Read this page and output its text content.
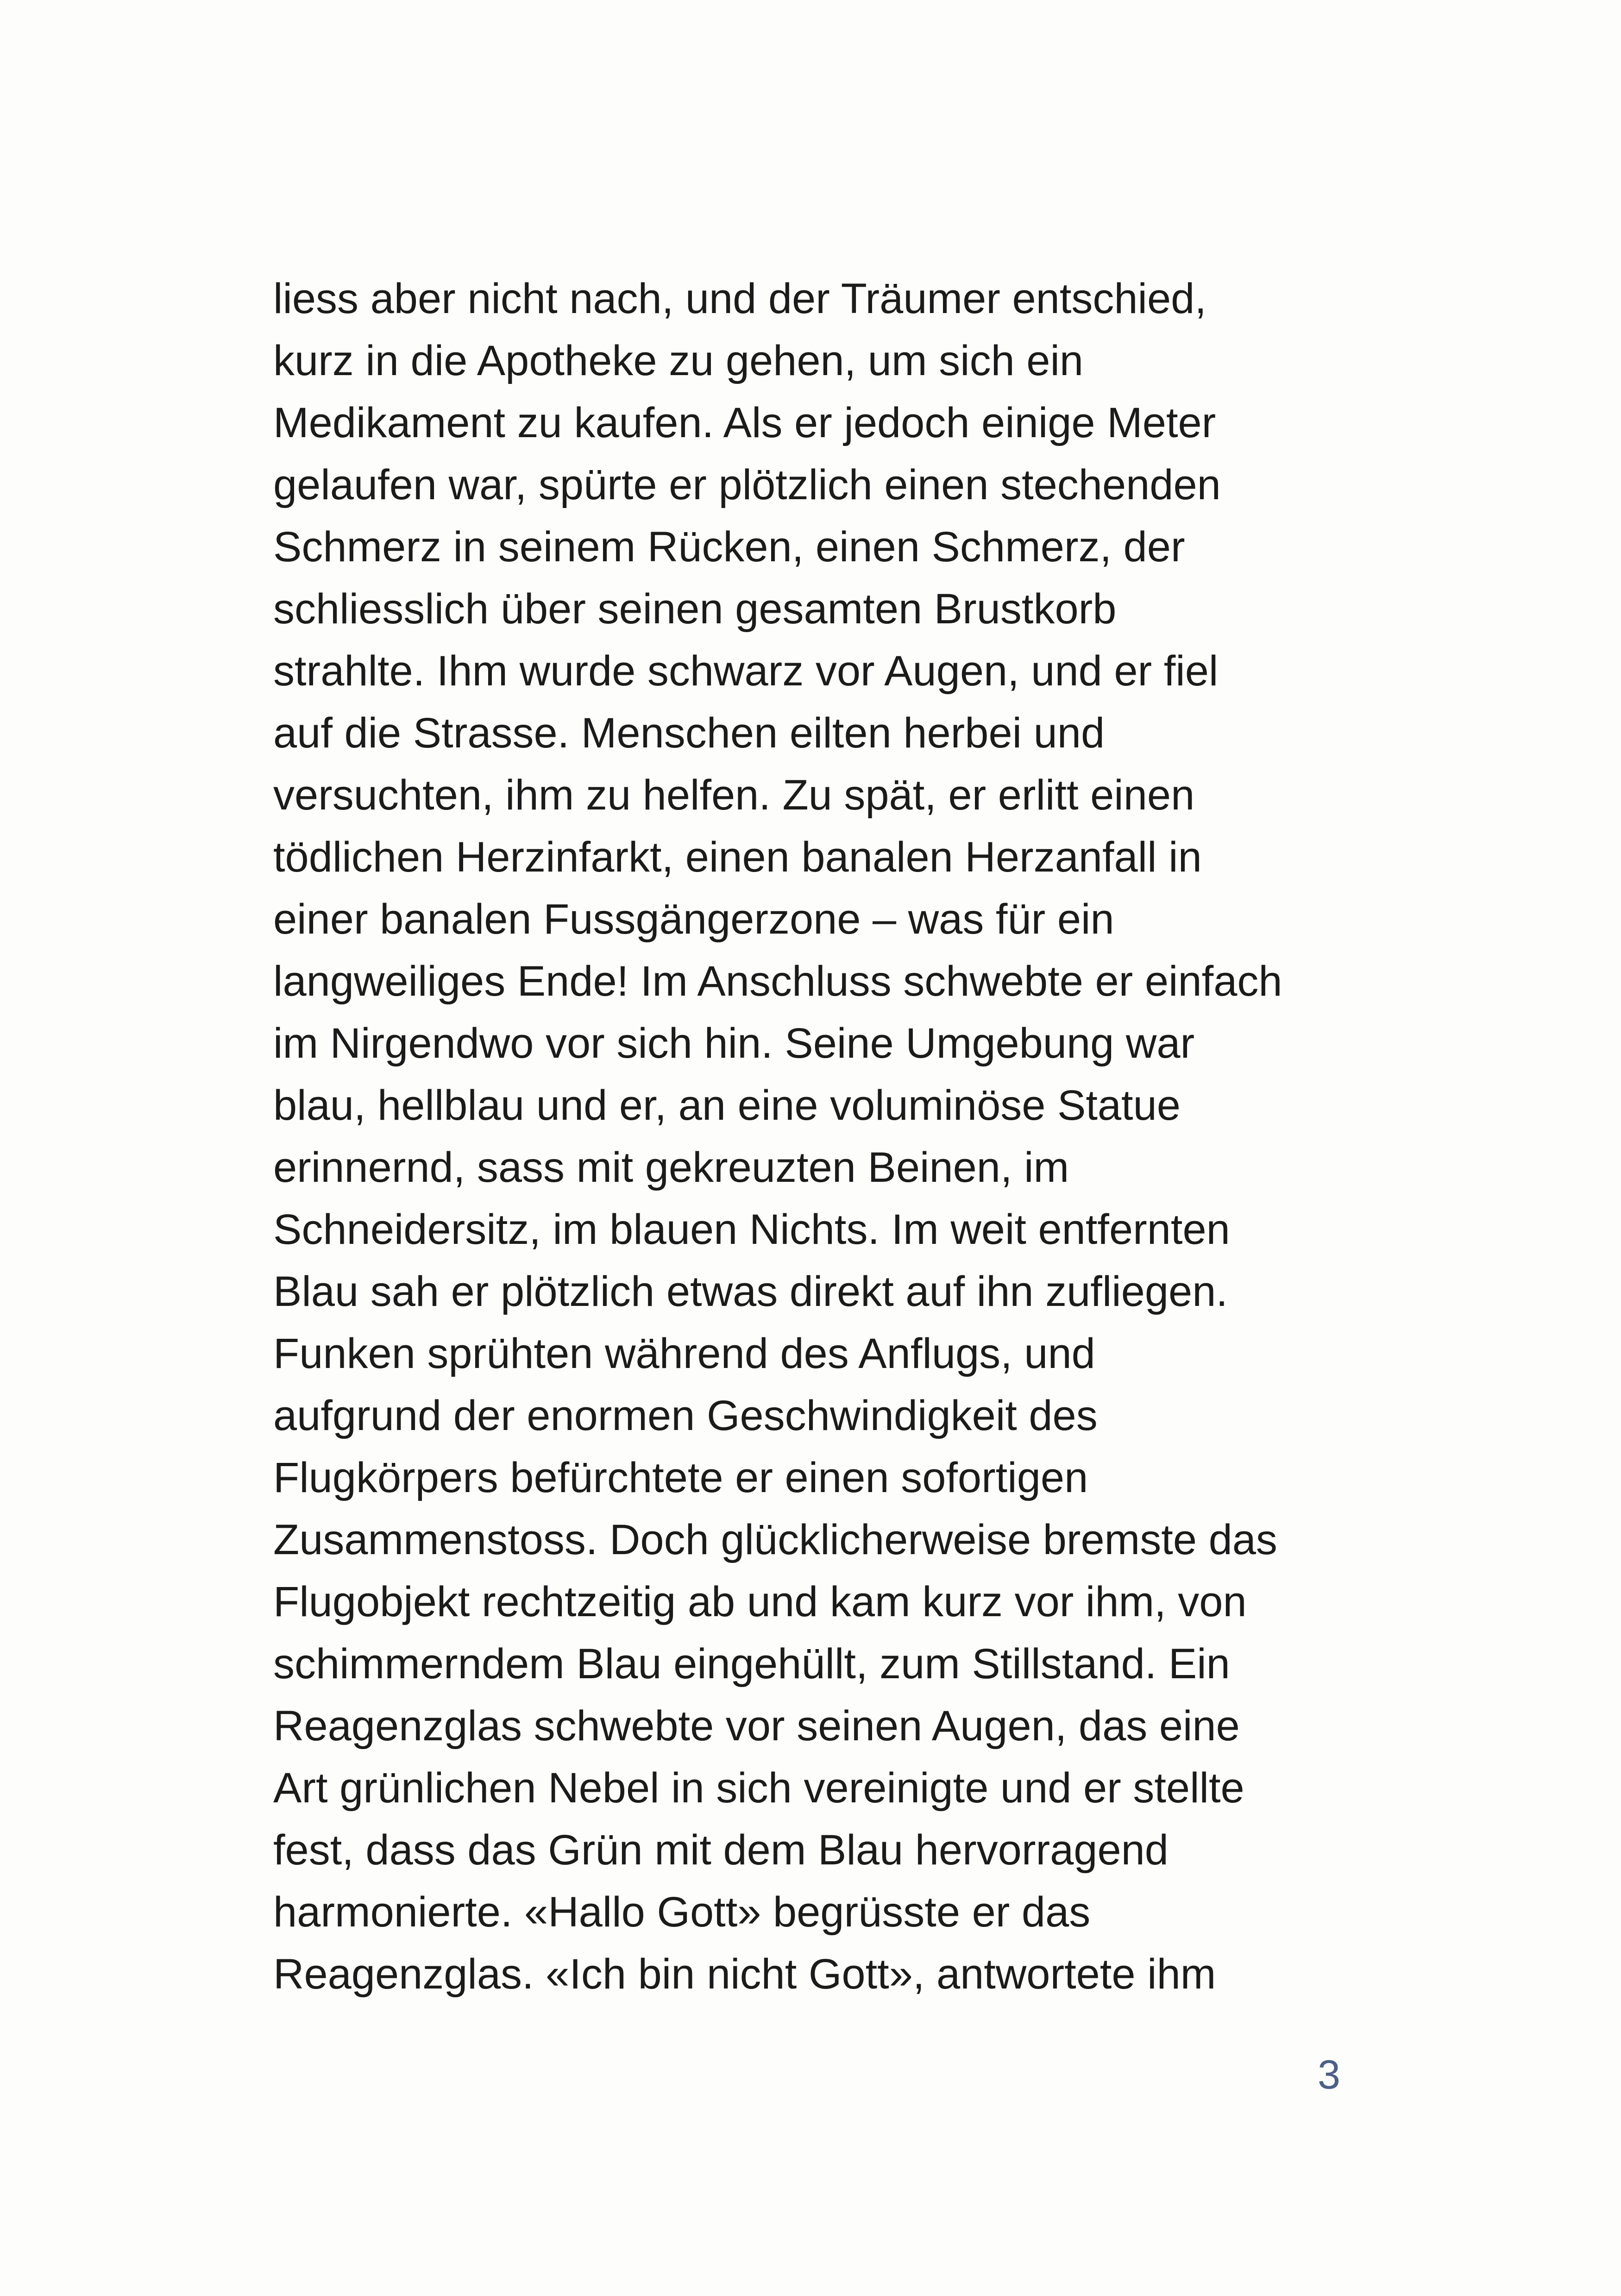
liess aber nicht nach, und der Träumer entschied,
kurz in die Apotheke zu gehen, um sich ein
Medikament zu kaufen. Als er jedoch einige Meter
gelaufen war, spürte er plötzlich einen stechenden
Schmerz in seinem Rücken, einen Schmerz, der
schliesslich über seinen gesamten Brustkorb
strahlte. Ihm wurde schwarz vor Augen, und er fiel
auf die Strasse. Menschen eilten herbei und
versuchten, ihm zu helfen. Zu spät, er erlitt einen
tödlichen Herzinfarkt, einen banalen Herzanfall in
einer banalen Fussgängerzone – was für ein
langweiliges Ende! Im Anschluss schwebte er einfach
im Nirgendwo vor sich hin. Seine Umgebung war
blau, hellblau und er, an eine voluminöse Statue
erinnernd, sass mit gekreuzten Beinen, im
Schneidersitz, im blauen Nichts. Im weit entfernten
Blau sah er plötzlich etwas direkt auf ihn zufliegen.
Funken sprühten während des Anflugs, und
aufgrund der enormen Geschwindigkeit des
Flugkörpers befürchtete er einen sofortigen
Zusammenstoss. Doch glücklicherweise bremste das
Flugobjekt rechtzeitig ab und kam kurz vor ihm, von
schimmerndem Blau eingehüllt, zum Stillstand. Ein
Reagenzglas schwebte vor seinen Augen, das eine
Art grünlichen Nebel in sich vereinigte und er stellte
fest, dass das Grün mit dem Blau hervorragend
harmonierte. «Hallo Gott» begrüsste er das
Reagenzglas. «Ich bin nicht Gott», antwortete ihm
3
